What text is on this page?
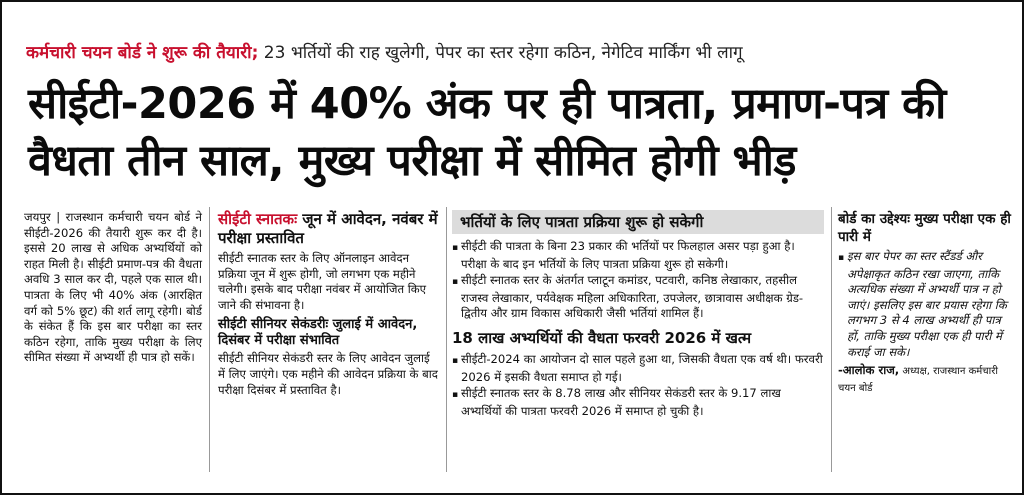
कर्मचारी चयन बोर्ड ने शुरू की तैयारी; 23 भर्तियों की राह खुलेगी, पेपर का स्तर रहेगा कठिन, नेगेटिव मार्किंग भी लागू
सीईटी-2026 में 40% अंक पर ही पात्रता, प्रमाण-पत्र की वैधता तीन साल, मुख्य परीक्षा में सीमित होगी भीड़
जयपुर | राजस्थान कर्मचारी चयन बोर्ड ने सीईटी-2026 की तैयारी शुरू कर दी है। इससे 20 लाख से अधिक अभ्यर्थियों को राहत मिली है। सीईटी प्रमाण-पत्र की वैधता अवधि 3 साल कर दी, पहले एक साल थी। पात्रता के लिए भी 40% अंक (आरक्षित वर्ग को 5% छूट) की शर्त लागू रहेगी। बोर्ड के संकेत हैं कि इस बार परीक्षा का स्तर कठिन रहेगा, ताकि मुख्य परीक्षा के लिए सीमित संख्या में अभ्यर्थी ही पात्र हो सकें।
सीईटी स्नातकः जून में आवेदन, नवंबर में परीक्षा प्रस्तावित
सीईटी स्नातक स्तर के लिए ऑनलाइन आवेदन प्रक्रिया जून में शुरू होगी, जो लगभग एक महीने चलेगी। इसके बाद परीक्षा नवंबर में आयोजित किए जाने की संभावना है।
सीईटी सीनियर सेकंडरीः जुलाई में आवेदन, दिसंबर में परीक्षा संभावित
सीईटी सीनियर सेकंडरी स्तर के लिए आवेदन जुलाई में लिए जाएंगे। एक महीने की आवेदन प्रक्रिया के बाद परीक्षा दिसंबर में प्रस्तावित है।
भर्तियों के लिए पात्रता प्रक्रिया शुरू हो सकेगी
▪ सीईटी की पात्रता के बिना 23 प्रकार की भर्तियों पर फिलहाल असर पड़ा हुआ है। परीक्षा के बाद इन भर्तियों के लिए पात्रता प्रक्रिया शुरू हो सकेगी।
▪ सीईटी स्नातक स्तर के अंतर्गत प्लाटून कमांडर, पटवारी, कनिष्ठ लेखाकार, तहसील राजस्व लेखाकार, पर्यवेक्षक महिला अधिकारिता, उपजेलर, छात्रावास अधीक्षक ग्रेड-द्वितीय और ग्राम विकास अधिकारी जैसी भर्तियां शामिल हैं।
18 लाख अभ्यर्थियों की वैधता फरवरी 2026 में खत्म
▪ सीईटी-2024 का आयोजन दो साल पहले हुआ था, जिसकी वैधता एक वर्ष थी। फरवरी 2026 में इसकी वैधता समाप्त हो गई।
▪ सीईटी स्नातक स्तर के 8.78 लाख और सीनियर सेकंडरी स्तर के 9.17 लाख अभ्यर्थियों की पात्रता फरवरी 2026 में समाप्त हो चुकी है।
बोर्ड का उद्देश्यः मुख्य परीक्षा एक ही पारी में
▪ इस बार पेपर का स्तर स्टैंडर्ड और अपेक्षाकृत कठिन रखा जाएगा, ताकि अत्यधिक संख्या में अभ्यर्थी पात्र न हो जाएं। इसलिए इस बार प्रयास रहेगा कि लगभग 3 से 4 लाख अभ्यर्थी ही पात्र हों, ताकि मुख्य परीक्षा एक ही पारी में कराई जा सके।
-आलोक राज, अध्यक्ष, राजस्थान कर्मचारी चयन बोर्ड
